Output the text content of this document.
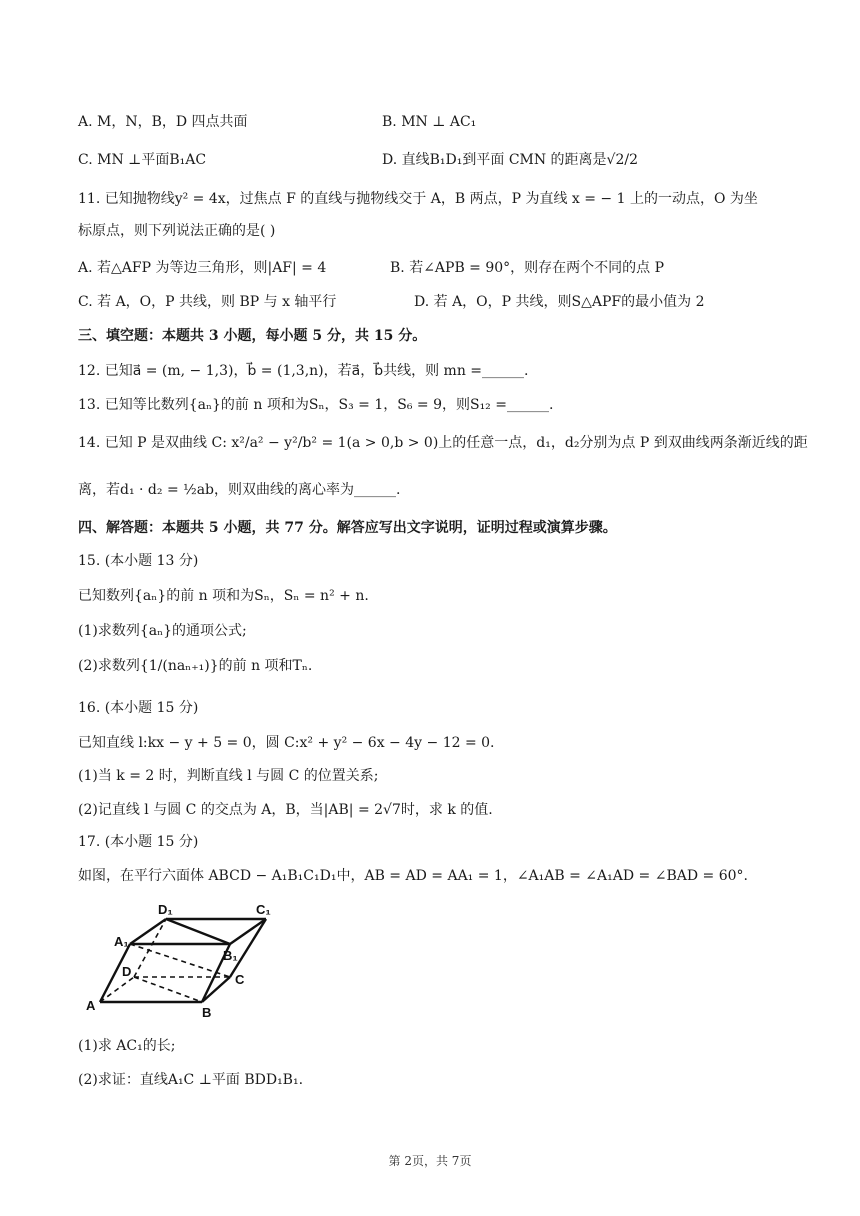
A. M，N，B，D 四点共面	B. MN ⊥ AC₁
C. MN ⊥平面B₁AC	D. 直线B₁D₁到平面 CMN 的距离是√2/2
11. 已知抛物线y² = 4x，过焦点 F 的直线与抛物线交于 A，B 两点，P 为直线 x = − 1 上的一动点，O 为坐
标原点，则下列说法正确的是( )
A. 若△AFP 为等边三角形，则|AF| = 4	B. 若∠APB = 90°，则存在两个不同的点 P
C. 若 A，O，P 共线，则 BP 与 x 轴平行	D. 若 A，O，P 共线，则S△APF的最小值为 2
三、填空题：本题共 3 小题，每小题 5 分，共 15 分。
12. 已知a⃗ = (m, − 1,3)，b⃗ = (1,3,n)，若a⃗，b⃗共线，则 mn =______.
13. 已知等比数列{aₙ}的前 n 项和为Sₙ，S₃ = 1，S₆ = 9，则S₁₂ =______.
14. 已知 P 是双曲线 C: x²/a² − y²/b² = 1(a > 0,b > 0)上的任意一点，d₁，d₂分别为点 P 到双曲线两条渐近线的距
离，若d₁ · d₂ = ½ab，则双曲线的离心率为______.
四、解答题：本题共 5 小题，共 77 分。解答应写出文字说明，证明过程或演算步骤。
15. (本小题 13 分)
已知数列{aₙ}的前 n 项和为Sₙ，Sₙ = n² + n.
(1)求数列{aₙ}的通项公式;
(2)求数列{1/(naₙ₊₁)}的前 n 项和Tₙ.
16. (本小题 15 分)
已知直线 l:kx − y + 5 = 0，圆 C:x² + y² − 6x − 4y − 12 = 0.
(1)当 k = 2 时，判断直线 l 与圆 C 的位置关系;
(2)记直线 l 与圆 C 的交点为 A，B，当|AB| = 2√7时，求 k 的值.
17. (本小题 15 分)
如图，在平行六面体 ABCD − A₁B₁C₁D₁中，AB = AD = AA₁ = 1，∠A₁AB = ∠A₁AD = ∠BAD = 60°.
A	B
C
D
A₁
B₁
C₁
D₁
(1)求 AC₁的长;
(2)求证：直线A₁C ⊥平面 BDD₁B₁.
第 2页，共 7页
